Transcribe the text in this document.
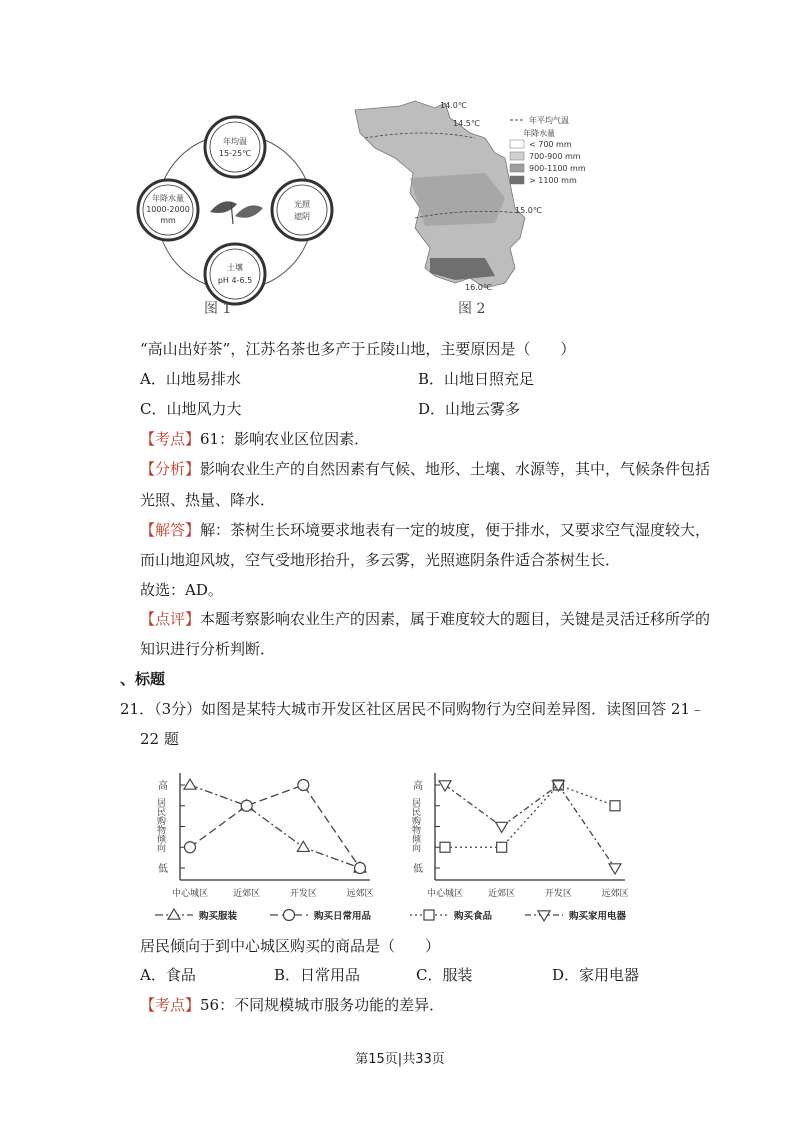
年均温
15-25℃
年降水量
1000-2000
mm
光照
遮阴
土壤
pH 4-6.5
图 1
14.0℃
14.5℃
15.0℃
16.0℃
年平均气温
年降水量
< 700 mm
700-900 mm
900-1100 mm
> 1100 mm
图 2
“高山出好茶”，江苏名茶也多产于丘陵山地，主要原因是（　　）
A．山地易排水	B．山地日照充足
C．山地风力大	D．山地云雾多
【考点】61：影响农业区位因素．
【分析】影响农业生产的自然因素有气候、地形、土壤、水源等，其中，气候条件包括
光照、热量、降水．
【解答】解：茶树生长环境要求地表有一定的坡度，便于排水，又要求空气湿度较大，
而山地迎风坡，空气受地形抬升，多云雾，光照遮阴条件适合茶树生长．
故选：AD。
【点评】本题考察影响农业生产的因素，属于难度较大的题目，关键是灵活迁移所学的
知识进行分析判断．
、标题
21．（3分）如图是某特大城市开发区社区居民不同购物行为空间差异图．读图回答 21﹣
22 题
高
低
居民购物倾向
中心城区	近郊区	开发区	远郊区
购买服装	购买日常用品
高
低
居民购物倾向
中心城区	近郊区	开发区	远郊区
购买食品	购买家用电器
居民倾向于到中心城区购买的商品是（　　）
A．食品	B．日常用品	C．服装	D．家用电器
【考点】56：不同规模城市服务功能的差异．
第15页|共33页
